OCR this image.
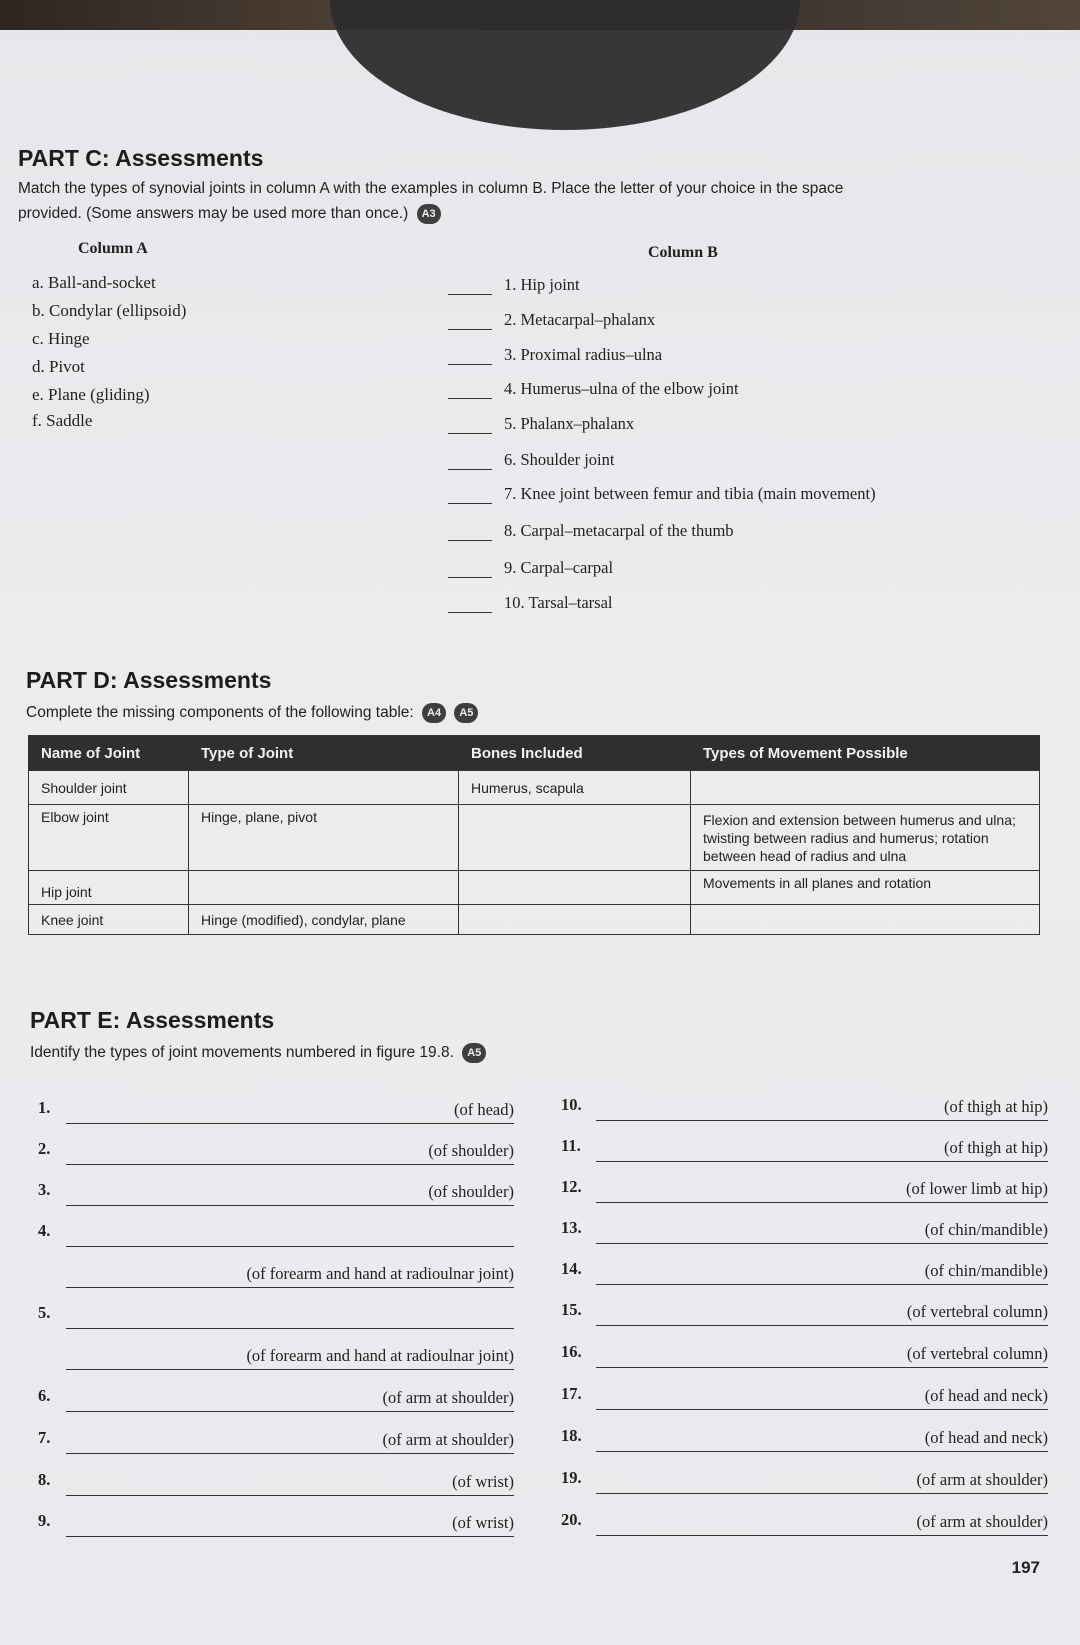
PART C: Assessments
Match the types of synovial joints in column A with the examples in column B. Place the letter of your choice in the space
provided. (Some answers may be used more than once.) A3
Column A	Column B
a. Ball-and-socket
b. Condylar (ellipsoid)
c. Hinge
d. Pivot
e. Plane (gliding)
f. Saddle
1. Hip joint
2. Metacarpal–phalanx
3. Proximal radius–ulna
4. Humerus–ulna of the elbow joint
5. Phalanx–phalanx
6. Shoulder joint
7. Knee joint between femur and tibia (main movement)
8. Carpal–metacarpal of the thumb
9. Carpal–carpal
10. Tarsal–tarsal
PART D: Assessments
Complete the missing components of the following table: A4 A5
Name of Joint	Type of Joint	Bones Included	Types of Movement Possible
Shoulder joint		Humerus, scapula	
Elbow joint	Hinge, plane, pivot		Flexion and extension between humerus and ulna; twisting between radius and humerus; rotation between head of radius and ulna
Hip joint			Movements in all planes and rotation
Knee joint	Hinge (modified), condylar, plane		
PART E: Assessments
Identify the types of joint movements numbered in figure 19.8. A5
1.	(of head)
2.	(of shoulder)
3.	(of shoulder)
4.
(of forearm and hand at radioulnar joint)
5.
(of forearm and hand at radioulnar joint)
6.	(of arm at shoulder)
7.	(of arm at shoulder)
8.	(of wrist)
9.	(of wrist)
10.	(of thigh at hip)
11.	(of thigh at hip)
12.	(of lower limb at hip)
13.	(of chin/mandible)
14.	(of chin/mandible)
15.	(of vertebral column)
16.	(of vertebral column)
17.	(of head and neck)
18.	(of head and neck)
19.	(of arm at shoulder)
20.	(of arm at shoulder)
197
